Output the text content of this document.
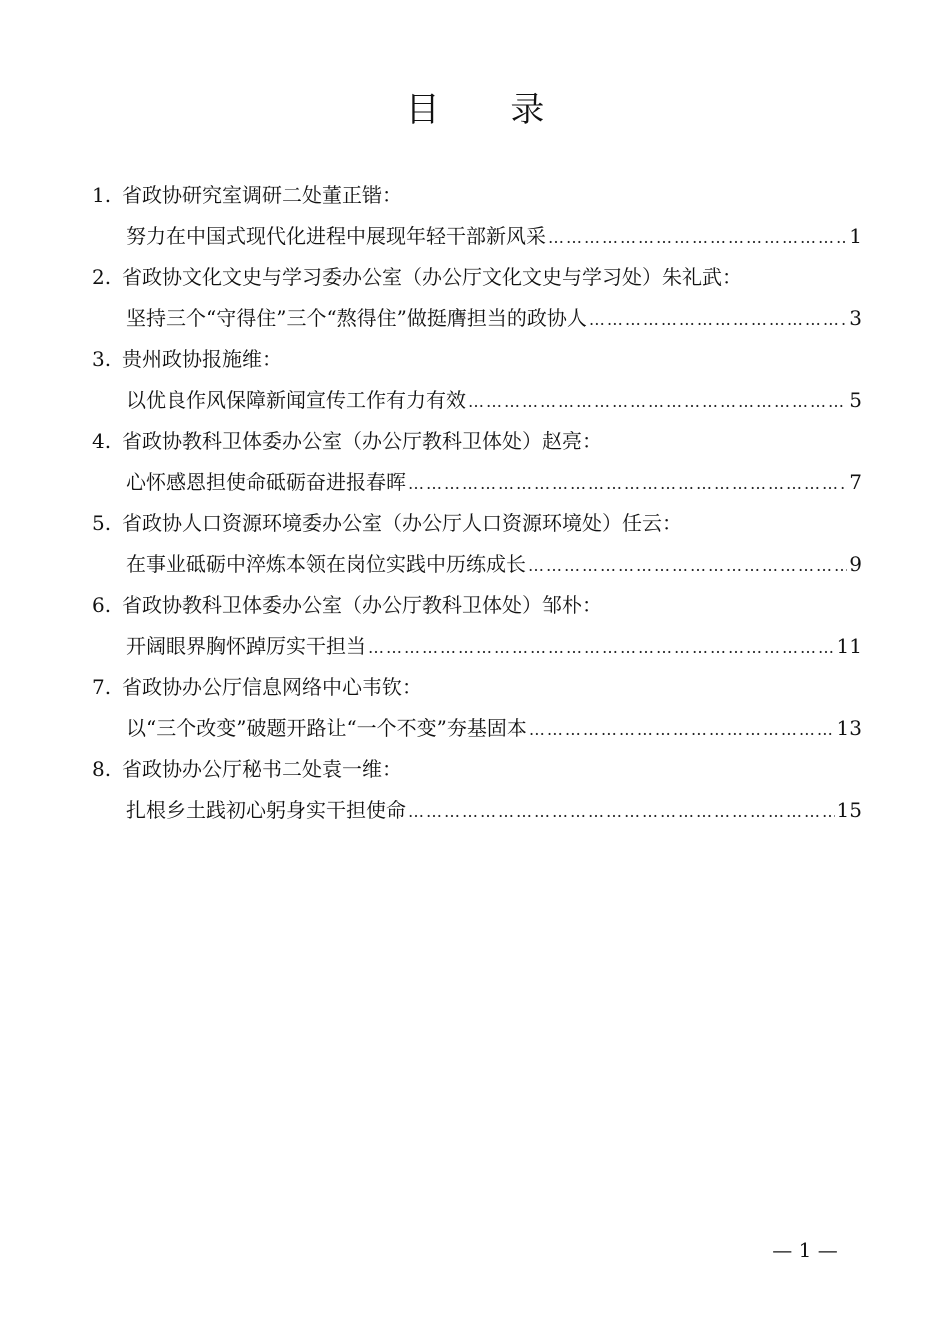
目 录
1. 省政协研究室调研二处董正锴：
努力在中国式现代化进程中展现年轻干部新风采 ……………………………………………………………………………………………………………………………………	1
2. 省政协文化文史与学习委办公室（办公厅文化文史与学习处）朱礼武：
坚持三个“守得住”三个“熬得住”做挺膺担当的政协人 ……………………………………………………………………………………………………………………………………	3
3. 贵州政协报施维：
以优良作风保障新闻宣传工作有力有效 ……………………………………………………………………………………………………………………………………	5
4. 省政协教科卫体委办公室（办公厅教科卫体处）赵亮：
心怀感恩担使命砥砺奋进报春晖 ……………………………………………………………………………………………………………………………………	7
5. 省政协人口资源环境委办公室（办公厅人口资源环境处）任云：
在事业砥砺中淬炼本领在岗位实践中历练成长 ……………………………………………………………………………………………………………………………………	9
6. 省政协教科卫体委办公室（办公厅教科卫体处）邹朴：
开阔眼界胸怀踔厉实干担当 ……………………………………………………………………………………………………………………………………	11
7. 省政协办公厅信息网络中心韦钦：
以“三个改变”破题开路让“一个不变”夯基固本 ……………………………………………………………………………………………………………………………………	13
8. 省政协办公厅秘书二处袁一维：
扎根乡土践初心躬身实干担使命 ……………………………………………………………………………………………………………………………………	15
— 1 —
